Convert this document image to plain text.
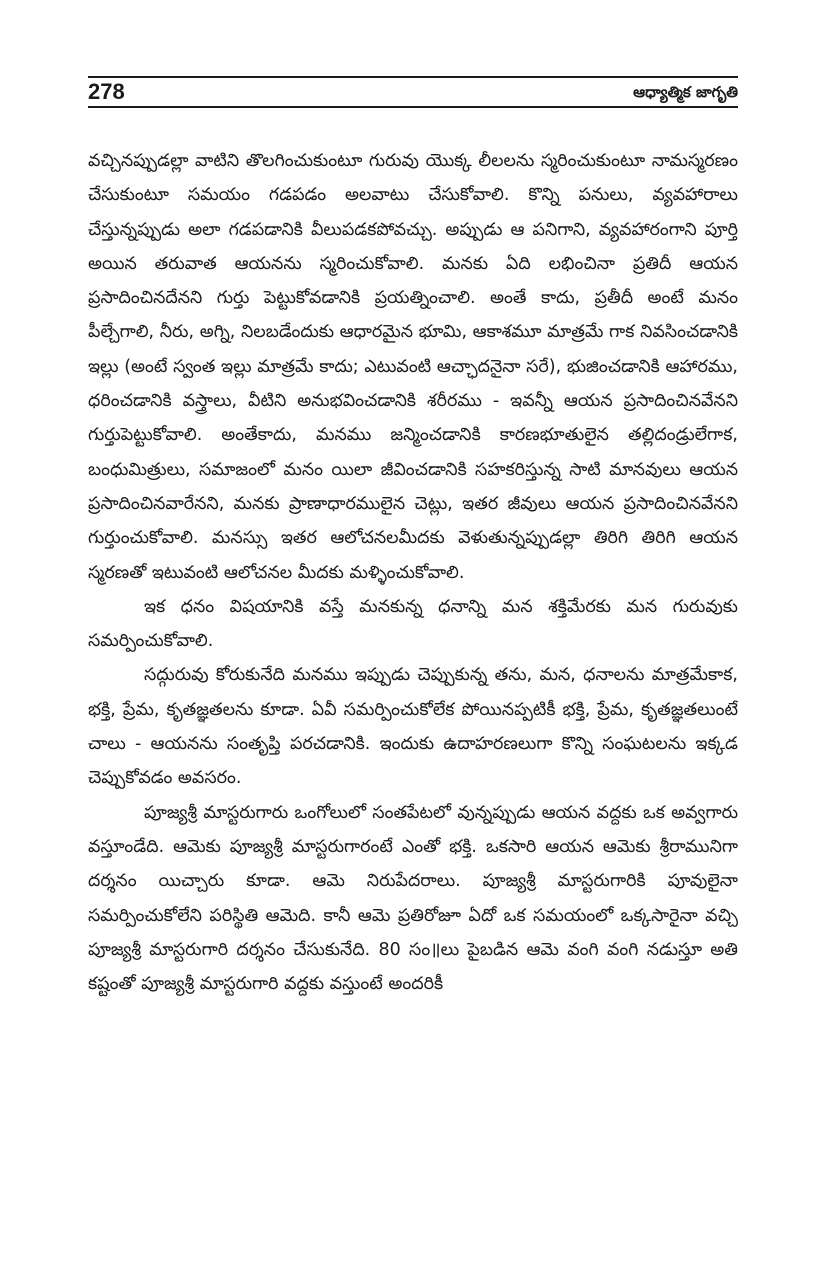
278	ఆధ్యాత్మిక జాగృతి

వచ్చినప్పుడల్లా వాటిని తొలగించుకుంటూ గురువు యొక్క లీలలను స్మరించుకుంటూ నామస్మరణం చేసుకుంటూ సమయం గడపడం అలవాటు చేసుకోవాలి. కొన్ని పనులు, వ్యవహారాలు చేస్తున్నప్పుడు అలా గడపడానికి వీలుపడకపోవచ్చు. అప్పుడు ఆ పనిగాని, వ్యవహారంగాని పూర్తి అయిన తరువాత ఆయనను స్మరించుకోవాలి. మనకు ఏది లభించినా ప్రతిదీ ఆయన ప్రసాదించినదేనని గుర్తు పెట్టుకోవడానికి ప్రయత్నించాలి. అంతే కాదు, ప్రతీదీ అంటే మనం పీల్చేగాలి, నీరు, అగ్ని, నిలబడేందుకు ఆధారమైన భూమి, ఆకాశమూ మాత్రమే గాక నివసించడానికి ఇల్లు (అంటే స్వంత ఇల్లు మాత్రమే కాదు; ఎటువంటి ఆచ్ఛాదనైనా సరే), భుజించడానికి ఆహారము, ధరించడానికి వస్త్రాలు, వీటిని అనుభవించడానికి శరీరము - ఇవన్నీ ఆయన ప్రసాదించినవేనని గుర్తుపెట్టుకోవాలి. అంతేకాదు, మనము జన్మించడానికి కారణభూతులైన తల్లిదండ్రులేగాక, బంధుమిత్రులు, సమాజంలో మనం యిలా జీవించడానికి సహకరిస్తున్న సాటి మానవులు ఆయన ప్రసాదించినవారేనని, మనకు ప్రాణాధారములైన చెట్లు, ఇతర జీవులు ఆయన ప్రసాదించినవేనని గుర్తుంచుకోవాలి. మనస్సు ఇతర ఆలోచనలమీదకు వెళుతున్నప్పుడల్లా తిరిగి తిరిగి ఆయన స్మరణతో ఇటువంటి ఆలోచనల మీదకు మళ్ళించుకోవాలి.

ఇక ధనం విషయానికి వస్తే మనకున్న ధనాన్ని మన శక్తిమేరకు మన గురువుకు సమర్పించుకోవాలి.

సద్గురువు కోరుకునేది మనము ఇప్పుడు చెప్పుకున్న తను, మన, ధనాలను మాత్రమేకాక, భక్తి, ప్రేమ, కృతజ్ఞతలను కూడా. ఏవీ సమర్పించుకోలేక పోయినప్పటికీ భక్తి, ప్రేమ, కృతజ్ఞతలుంటే చాలు - ఆయనను సంతృప్తి పరచడానికి. ఇందుకు ఉదాహరణలుగా కొన్ని సంఘటలను ఇక్కడ చెప్పుకోవడం అవసరం.

పూజ్యశ్రీ మాస్టరుగారు ఒంగోలులో సంతపేటలో వున్నప్పుడు ఆయన వద్దకు ఒక అవ్వగారు వస్తూండేది. ఆమెకు పూజ్యశ్రీ మాస్టరుగారంటే ఎంతో భక్తి. ఒకసారి ఆయన ఆమెకు శ్రీరామునిగా దర్శనం యిచ్చారు కూడా. ఆమె నిరుపేదరాలు. పూజ్యశ్రీ మాస్టరుగారికి పూవులైనా సమర్పించుకోలేని పరిస్థితి ఆమెది. కానీ ఆమె ప్రతిరోజూ ఏదో ఒక సమయంలో ఒక్కసారైనా వచ్చి పూజ్యశ్రీ మాస్టరుగారి దర్శనం చేసుకునేది. 80 సం॥లు పైబడిన ఆమె వంగి వంగి నడుస్తూ అతి కష్టంతో పూజ్యశ్రీ మాస్టరుగారి వద్దకు వస్తుంటే అందరికీ
